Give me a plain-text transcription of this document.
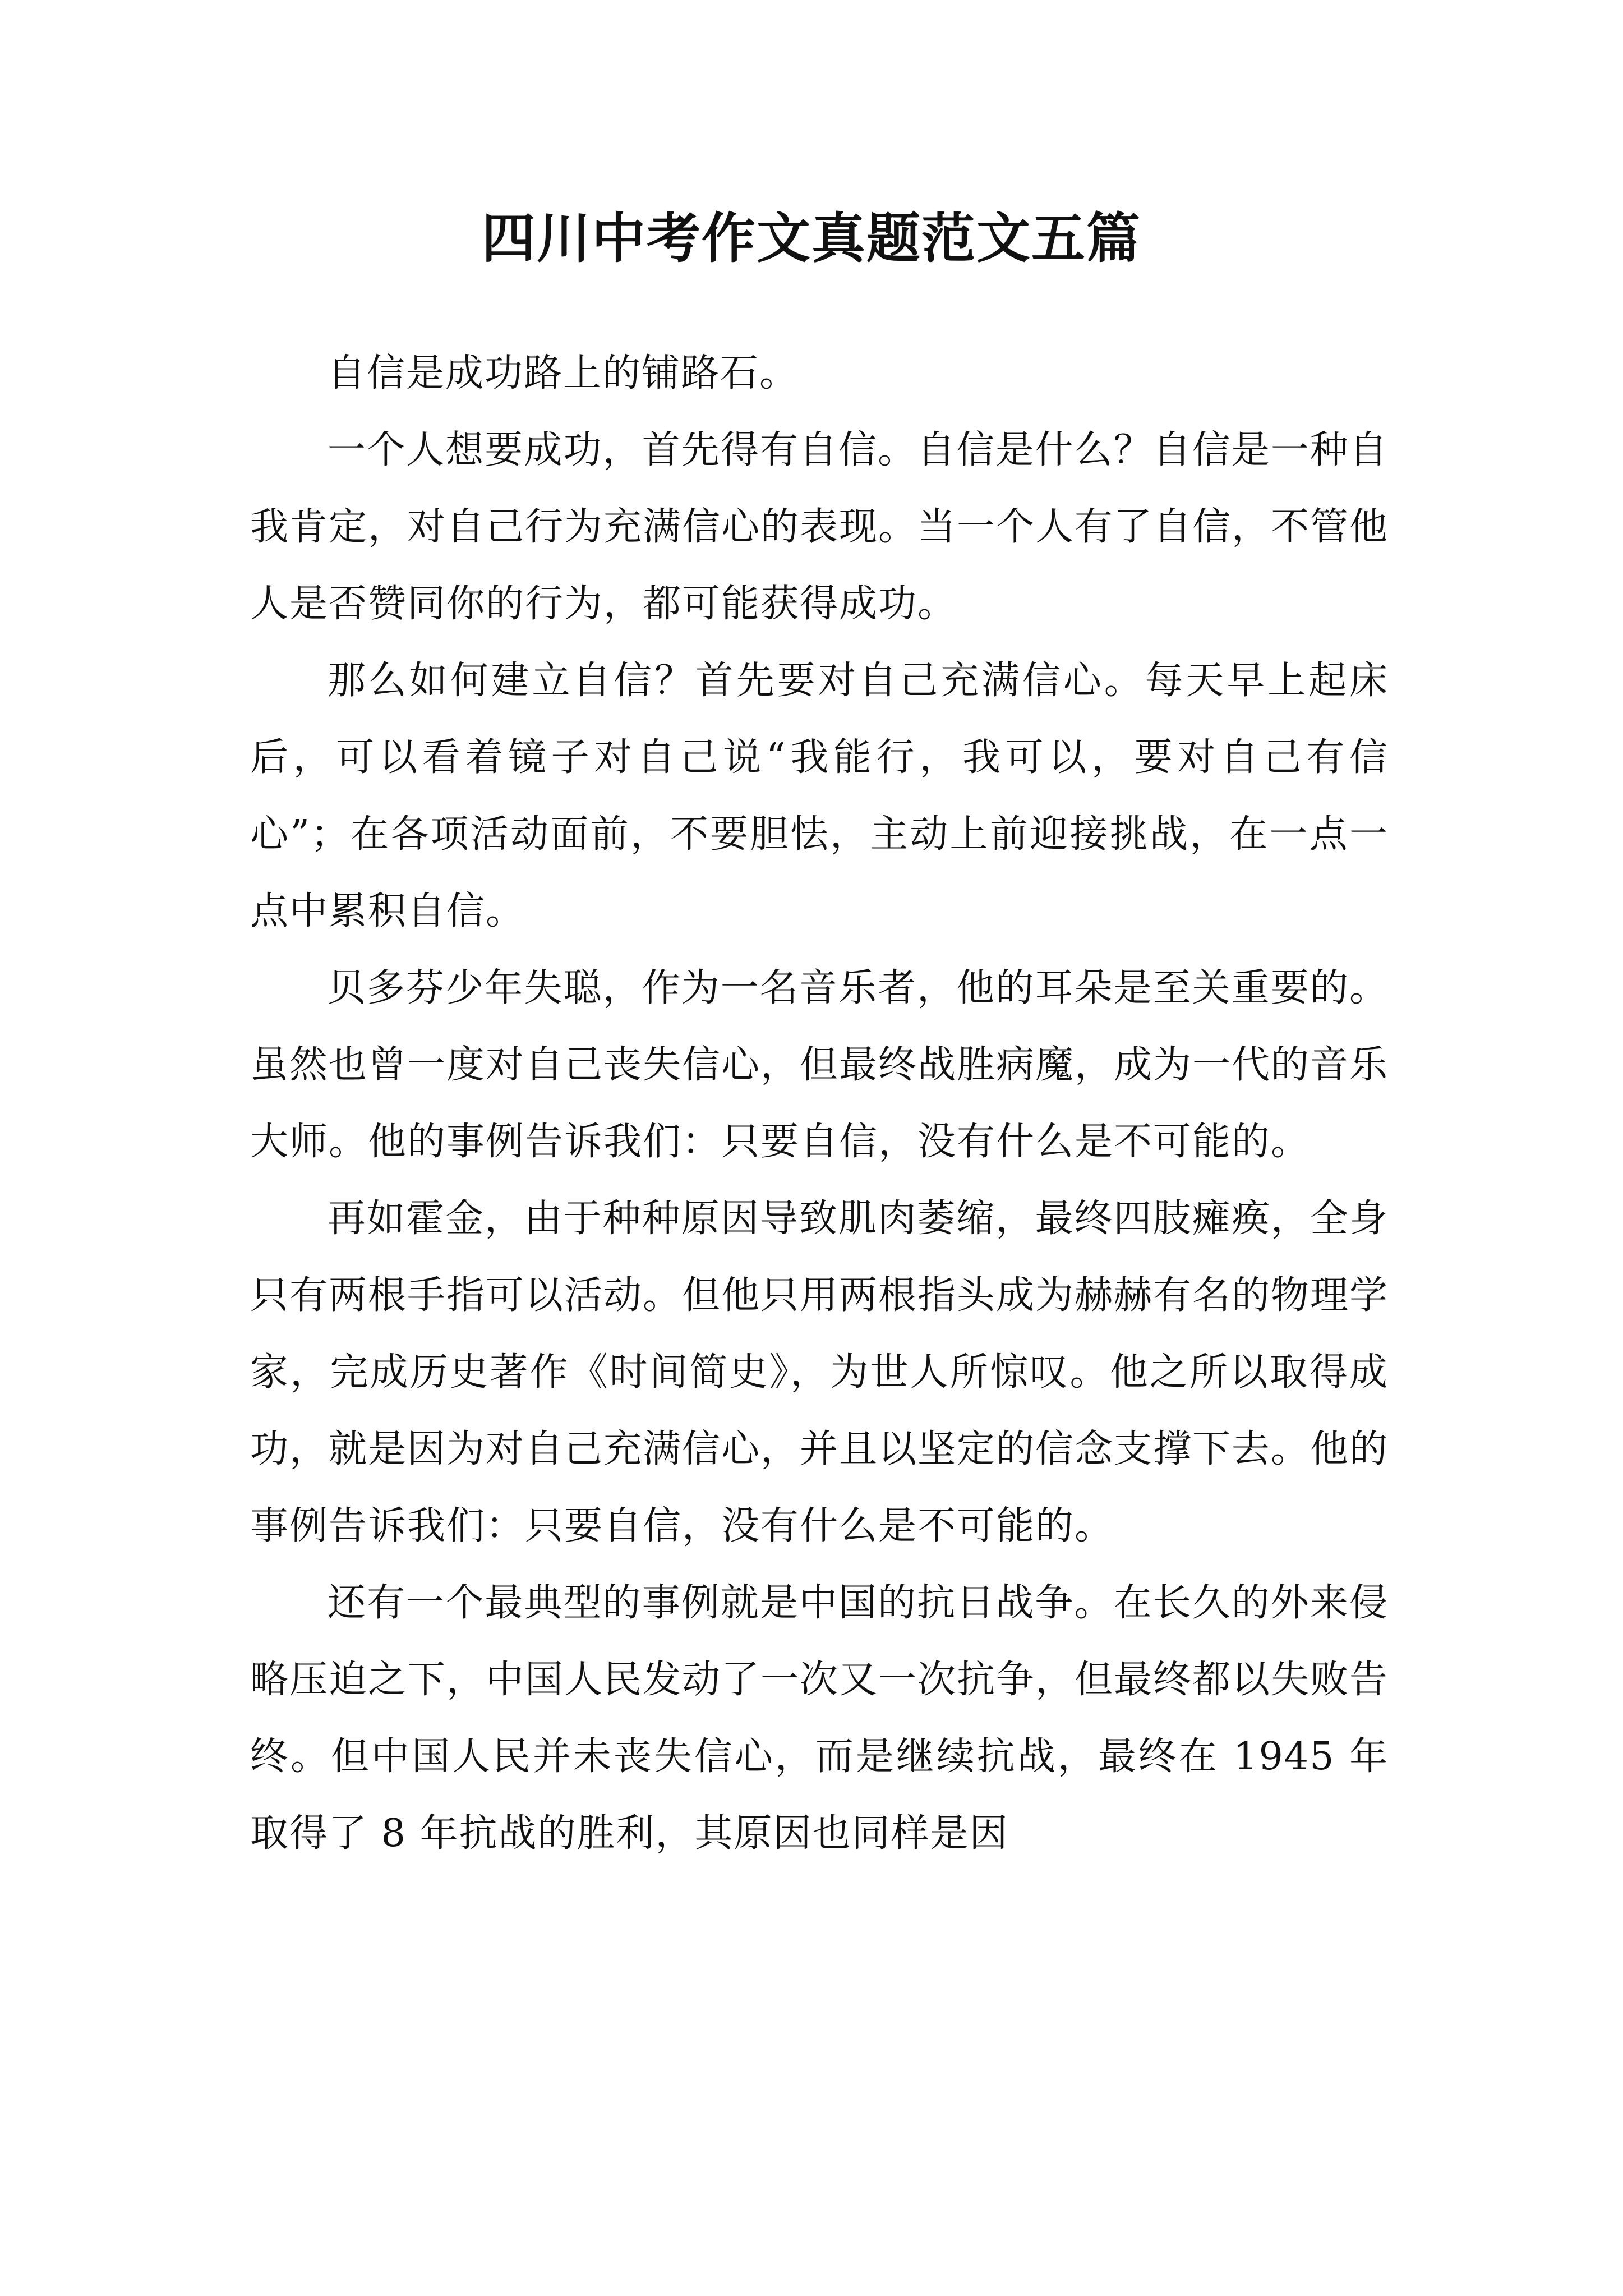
四川中考作文真题范文五篇

自信是成功路上的铺路石。

一个人想要成功，首先得有自信。自信是什么？自信是一种自我肯定，对自己行为充满信心的表现。当一个人有了自信，不管他人是否赞同你的行为，都可能获得成功。

那么如何建立自信？首先要对自己充满信心。每天早上起床后，可以看着镜子对自己说“我能行，我可以，要对自己有信心”；在各项活动面前，不要胆怯，主动上前迎接挑战，在一点一点中累积自信。

贝多芬少年失聪，作为一名音乐者，他的耳朵是至关重要的。虽然也曾一度对自己丧失信心，但最终战胜病魔，成为一代的音乐大师。他的事例告诉我们：只要自信，没有什么是不可能的。

再如霍金，由于种种原因导致肌肉萎缩，最终四肢瘫痪，全身只有两根手指可以活动。但他只用两根指头成为赫赫有名的物理学家，完成历史著作《时间简史》，为世人所惊叹。他之所以取得成功，就是因为对自己充满信心，并且以坚定的信念支撑下去。他的事例告诉我们：只要自信，没有什么是不可能的。

还有一个最典型的事例就是中国的抗日战争。在长久的外来侵略压迫之下，中国人民发动了一次又一次抗争，但最终都以失败告终。但中国人民并未丧失信心，而是继续抗战，最终在 1945 年取得了 8 年抗战的胜利，其原因也同样是因
